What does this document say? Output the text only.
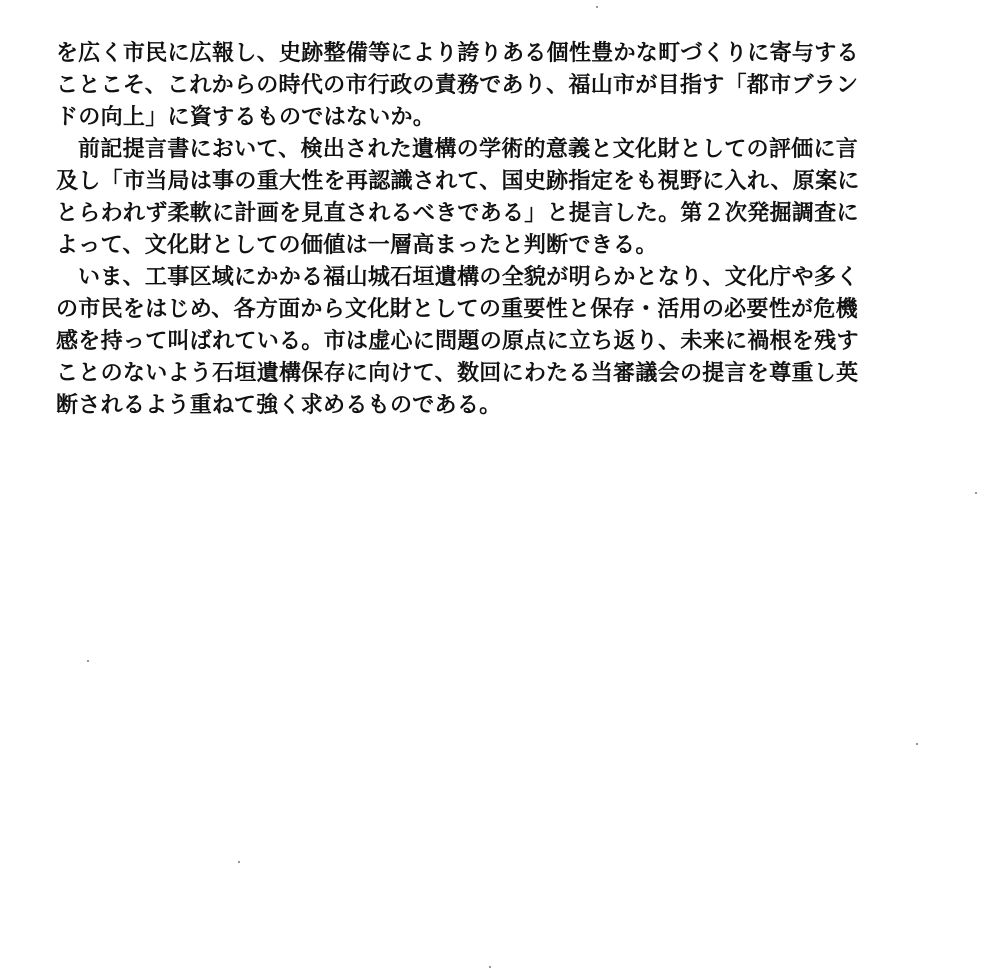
を広く市民に広報し、史跡整備等により誇りある個性豊かな町づくりに寄与する
ことこそ、これからの時代の市行政の責務であり、福山市が目指す「都市ブラン
ドの向上」に資するものではないか。
前記提言書において、検出された遺構の学術的意義と文化財としての評価に言
及し「市当局は事の重大性を再認識されて、国史跡指定をも視野に入れ、原案に
とらわれず柔軟に計画を見直されるべきである」と提言した。第２次発掘調査に
よって、文化財としての価値は一層高まったと判断できる。
いま、工事区域にかかる福山城石垣遺構の全貌が明らかとなり、文化庁や多く
の市民をはじめ、各方面から文化財としての重要性と保存・活用の必要性が危機
感を持って叫ばれている。市は虚心に問題の原点に立ち返り、未来に禍根を残す
ことのないよう石垣遺構保存に向けて、数回にわたる当審議会の提言を尊重し英
断されるよう重ねて強く求めるものである。
